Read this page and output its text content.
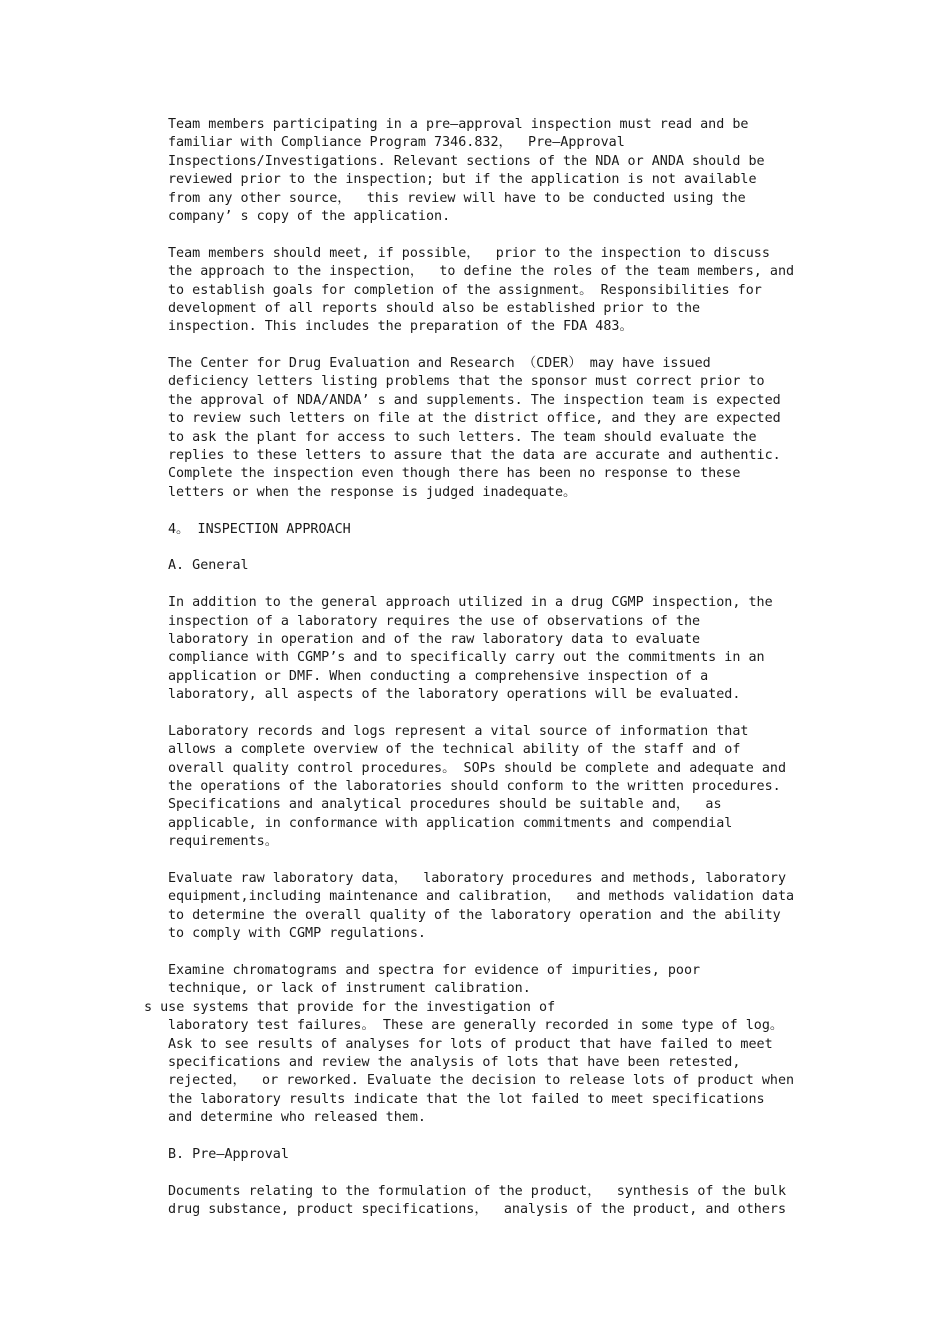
Team members participating in a pre—approval inspection must read and be
familiar with Compliance Program 7346.832，  Pre—Approval
Inspections/Investigations. Relevant sections of the NDA or ANDA should be
reviewed prior to the inspection; but if the application is not available
from any other source，  this review will have to be conducted using the
company’ s copy of the application.
Team members should meet, if possible，  prior to the inspection to discuss
the approach to the inspection，  to define the roles of the team members, and
to establish goals for completion of the assignment。 Responsibilities for
development of all reports should also be established prior to the
inspection. This includes the preparation of the FDA 483。
The Center for Drug Evaluation and Research （CDER） may have issued
deficiency letters listing problems that the sponsor must correct prior to
the approval of NDA/ANDA’ s and supplements. The inspection team is expected
to review such letters on file at the district office, and they are expected
to ask the plant for access to such letters. The team should evaluate the
replies to these letters to assure that the data are accurate and authentic.
Complete the inspection even though there has been no response to these
letters or when the response is judged inadequate。
4。 INSPECTION APPROACH
A. General
In addition to the general approach utilized in a drug CGMP inspection, the
inspection of a laboratory requires the use of observations of the
laboratory in operation and of the raw laboratory data to evaluate
compliance with CGMP’s and to specifically carry out the commitments in an
application or DMF. When conducting a comprehensive inspection of a
laboratory, all aspects of the laboratory operations will be evaluated.
Laboratory records and logs represent a vital source of information that
allows a complete overview of the technical ability of the staff and of
overall quality control procedures。 SOPs should be complete and adequate and
the operations of the laboratories should conform to the written procedures.
Specifications and analytical procedures should be suitable and，  as
applicable, in conformance with application commitments and compendial
requirements。
Evaluate raw laboratory data，  laboratory procedures and methods, laboratory
equipment,including maintenance and calibration，  and methods validation data
to determine the overall quality of the laboratory operation and the ability
to comply with CGMP regulations.
Examine chromatograms and spectra for evidence of impurities, poor
technique, or lack of instrument calibration.
s use systems that provide for the investigation of
laboratory test failures。 These are generally recorded in some type of log。
Ask to see results of analyses for lots of product that have failed to meet
specifications and review the analysis of lots that have been retested,
rejected，  or reworked. Evaluate the decision to release lots of product when
the laboratory results indicate that the lot failed to meet specifications
and determine who released them.
B. Pre—Approval
Documents relating to the formulation of the product，  synthesis of the bulk
drug substance, product specifications，  analysis of the product, and others
